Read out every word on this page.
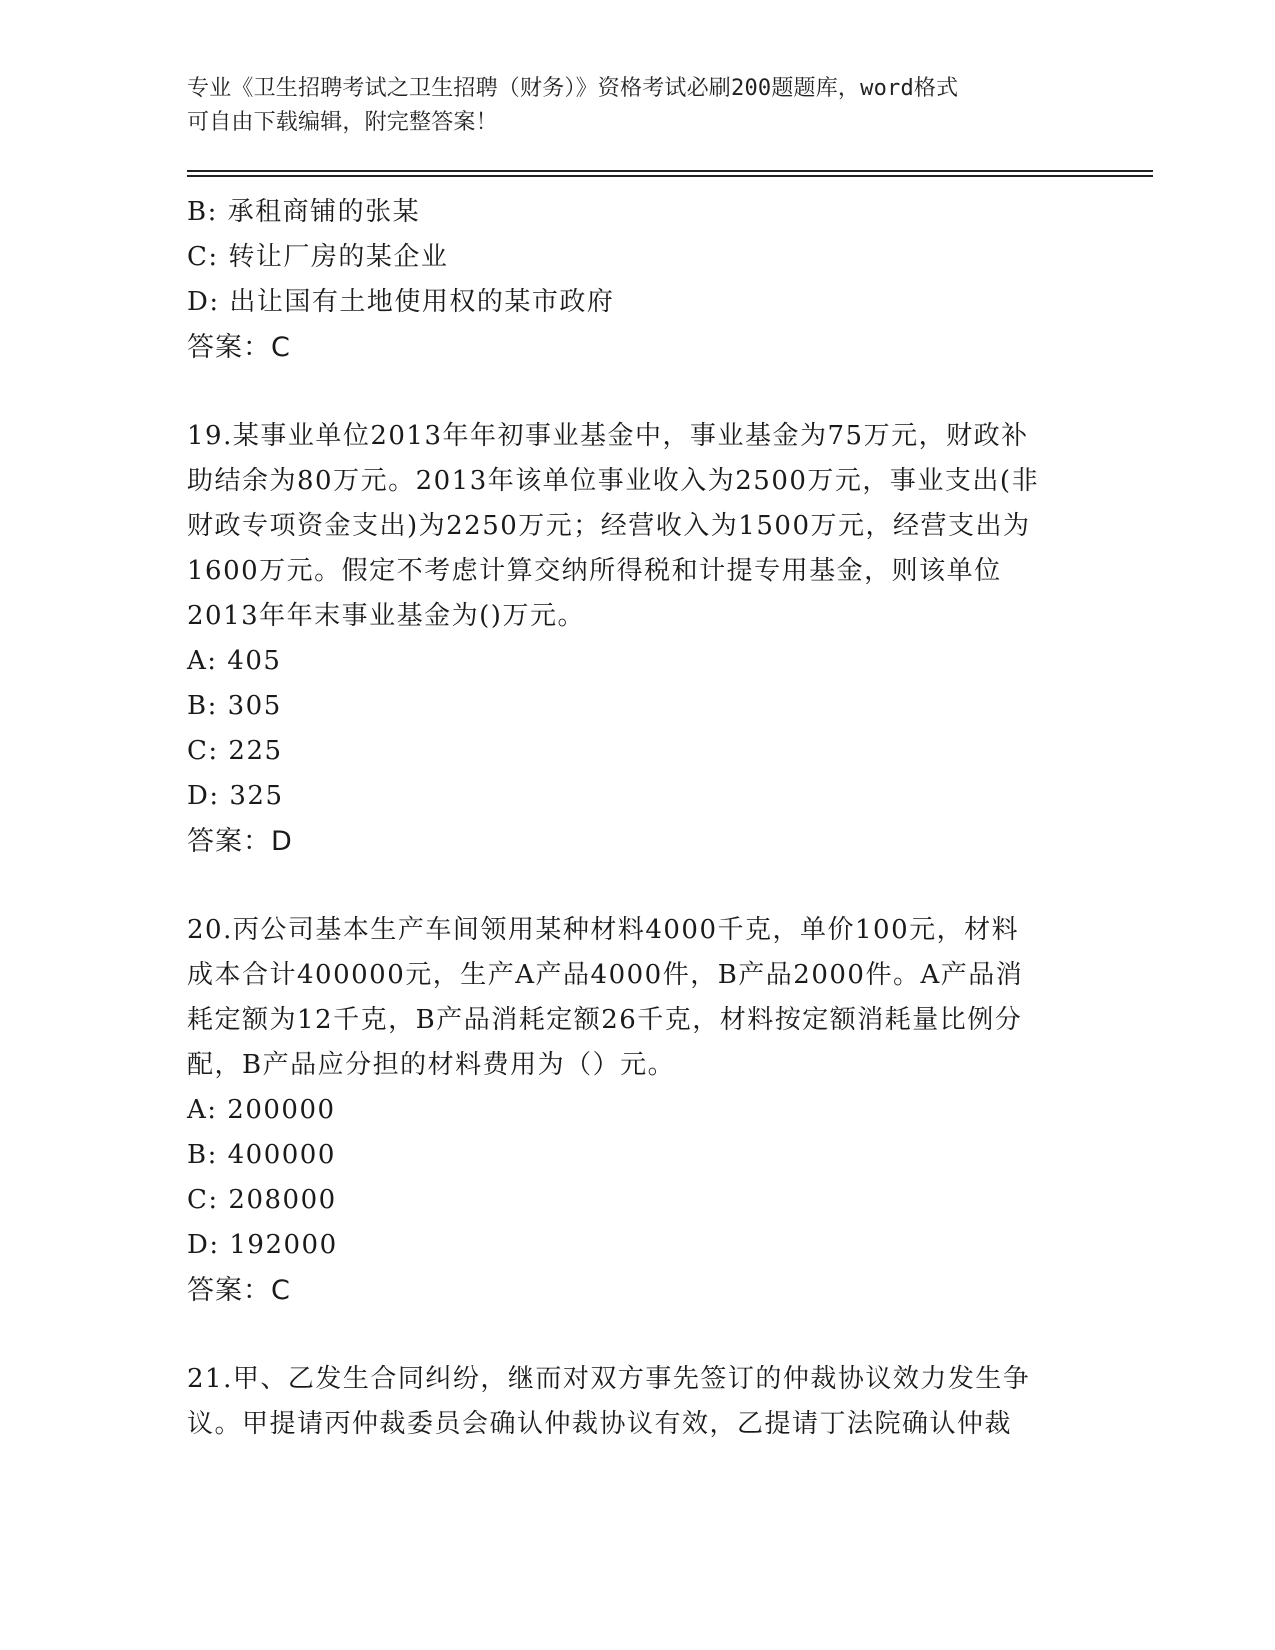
专业《卫生招聘考试之卫生招聘（财务）》资格考试必刷200题题库，word格式
可自由下载编辑，附完整答案！
B: 承租商铺的张某
C: 转让厂房的某企业
D: 出让国有土地使用权的某市政府
答案：C
19.某事业单位2013年年初事业基金中，事业基金为75万元，财政补
助结余为80万元。2013年该单位事业收入为2500万元，事业支出(非
财政专项资金支出)为2250万元；经营收入为1500万元，经营支出为
1600万元。假定不考虑计算交纳所得税和计提专用基金，则该单位
2013年年末事业基金为()万元。
A: 405
B: 305
C: 225
D: 325
答案：D
20.丙公司基本生产车间领用某种材料4000千克，单价100元，材料
成本合计400000元，生产A产品4000件，B产品2000件。A产品消
耗定额为12千克，B产品消耗定额26千克，材料按定额消耗量比例分
配，B产品应分担的材料费用为（）元。
A: 200000
B: 400000
C: 208000
D: 192000
答案：C
21.甲、乙发生合同纠纷，继而对双方事先签订的仲裁协议效力发生争
议。甲提请丙仲裁委员会确认仲裁协议有效，乙提请丁法院确认仲裁
